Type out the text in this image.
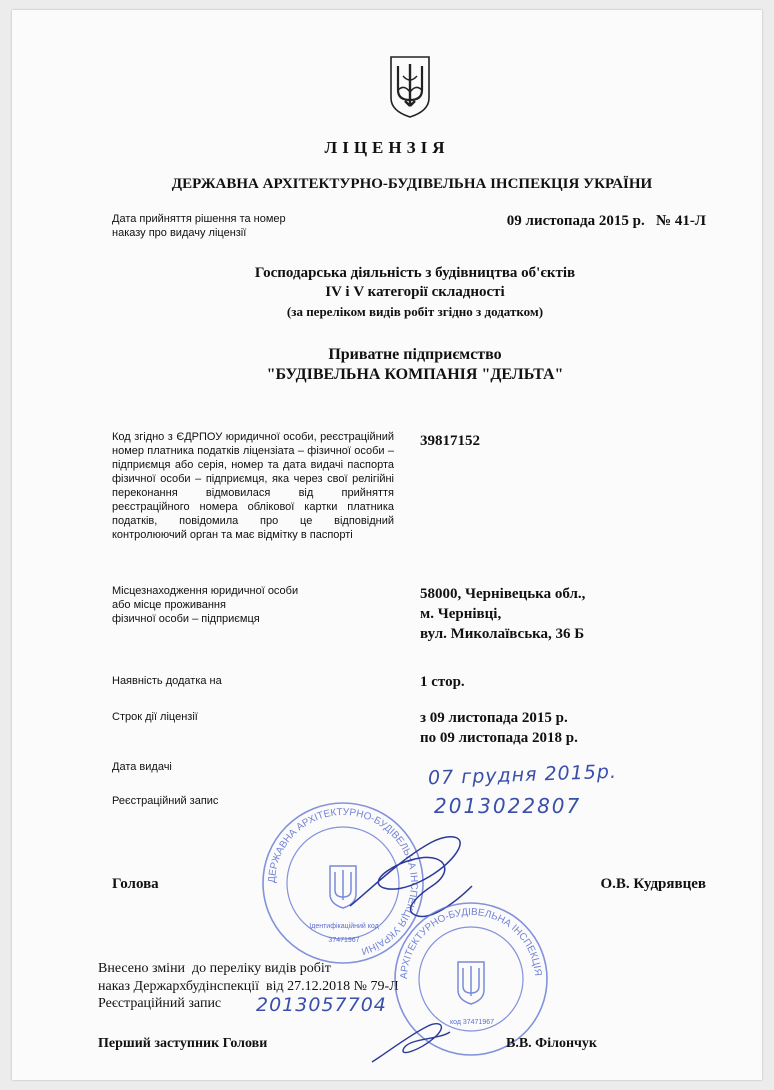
ЛІЦЕНЗІЯ
ДЕРЖАВНА АРХІТЕКТУРНО-БУДІВЕЛЬНА ІНСПЕКЦІЯ УКРАЇНИ
Дата прийняття рішення та номер
наказу про видачу ліцензії
09 листопада 2015 р.   № 41-Л
Господарська діяльність з будівництва об'єктів
IV і V категорії складності
(за переліком видів робіт згідно з додатком)
Приватне підприємство
"БУДІВЕЛЬНА КОМПАНІЯ "ДЕЛЬТА"
Код згідно з ЄДРПОУ юридичної особи, реєстраційний номер платника податків ліцензіата – фізичної особи – підприємця або серія, номер та дата видачі паспорта фізичної особи – підприємця, яка через свої релігійні переконання відмовилася від прийняття реєстраційного номера облікової картки платника податків, повідомила про це відповідний контролюючий орган та має відмітку в паспорті
39817152
Місцезнаходження юридичної особи
або місце проживання
фізичної особи – підприємця
58000, Чернівецька обл.,
м. Чернівці,
вул. Миколаївська, 36 Б
Наявність додатка на	1 стор.
Строк дії ліцензії	з 09 листопада 2015 р.
по 09 листопада 2018 р.
Дата видачі	07 грудня 2015р.
Реєстраційний запис	2013022807
ДЕРЖАВНА АРХІТЕКТУРНО-БУДІВЕЛЬНА ІНСПЕКЦІЯ УКРАЇНИ
Ідентифікаційний код 37471967
Голова	О.В. Кудрявцев
Внесено зміни  до переліку видів робіт
наказ Держархбудінспекції  від 27.12.2018 № 79-Л
Реєстраційний запис 2013057704
АРХІТЕКТУРНО-БУДІВЕЛЬНА ІНСПЕКЦІЯ
код 37471967
Перший заступник Голови	В.В. Філончук
